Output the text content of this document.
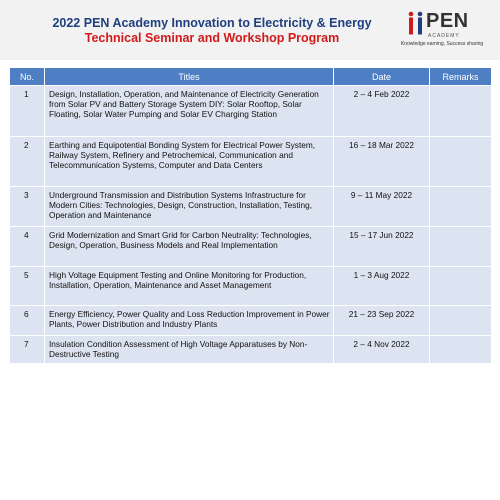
2022 PEN Academy Innovation to Electricity & Energy
Technical Seminar and Workshop Program
PEN
ACADEMY
Knowledge earning, Success sharing
No.	Titles	Date	Remarks
1	Design, Installation, Operation, and Maintenance of Electricity Generation from Solar PV and Battery Storage System DIY: Solar Rooftop, Solar Floating, Solar Water Pumping and Solar EV Charging Station	2 – 4 Feb 2022	
2	Earthing and Equipotential Bonding System for Electrical Power System, Railway System, Refinery and Petrochemical, Communication and Telecommunication Systems, Computer and Data Centers	16 – 18 Mar 2022	
3	Underground Transmission and Distribution Systems Infrastructure for Modern Cities: Technologies, Design, Construction, Installation, Testing, Operation and Maintenance	9 – 11 May 2022	
4	Grid Modernization and Smart Grid for Carbon Neutrality: Technologies, Design, Operation, Business Models and Real Implementation	15 – 17 Jun 2022	
5	High Voltage Equipment Testing and Online Monitoring for Production, Installation, Operation, Maintenance and Asset Management	1 – 3 Aug 2022	
6	Energy Efficiency, Power Quality and Loss Reduction Improvement in Power Plants, Power Distribution and Industry Plants	21 – 23 Sep 2022	
7	Insulation Condition Assessment of High Voltage Apparatuses by Non-Destructive Testing	2 – 4 Nov 2022	
